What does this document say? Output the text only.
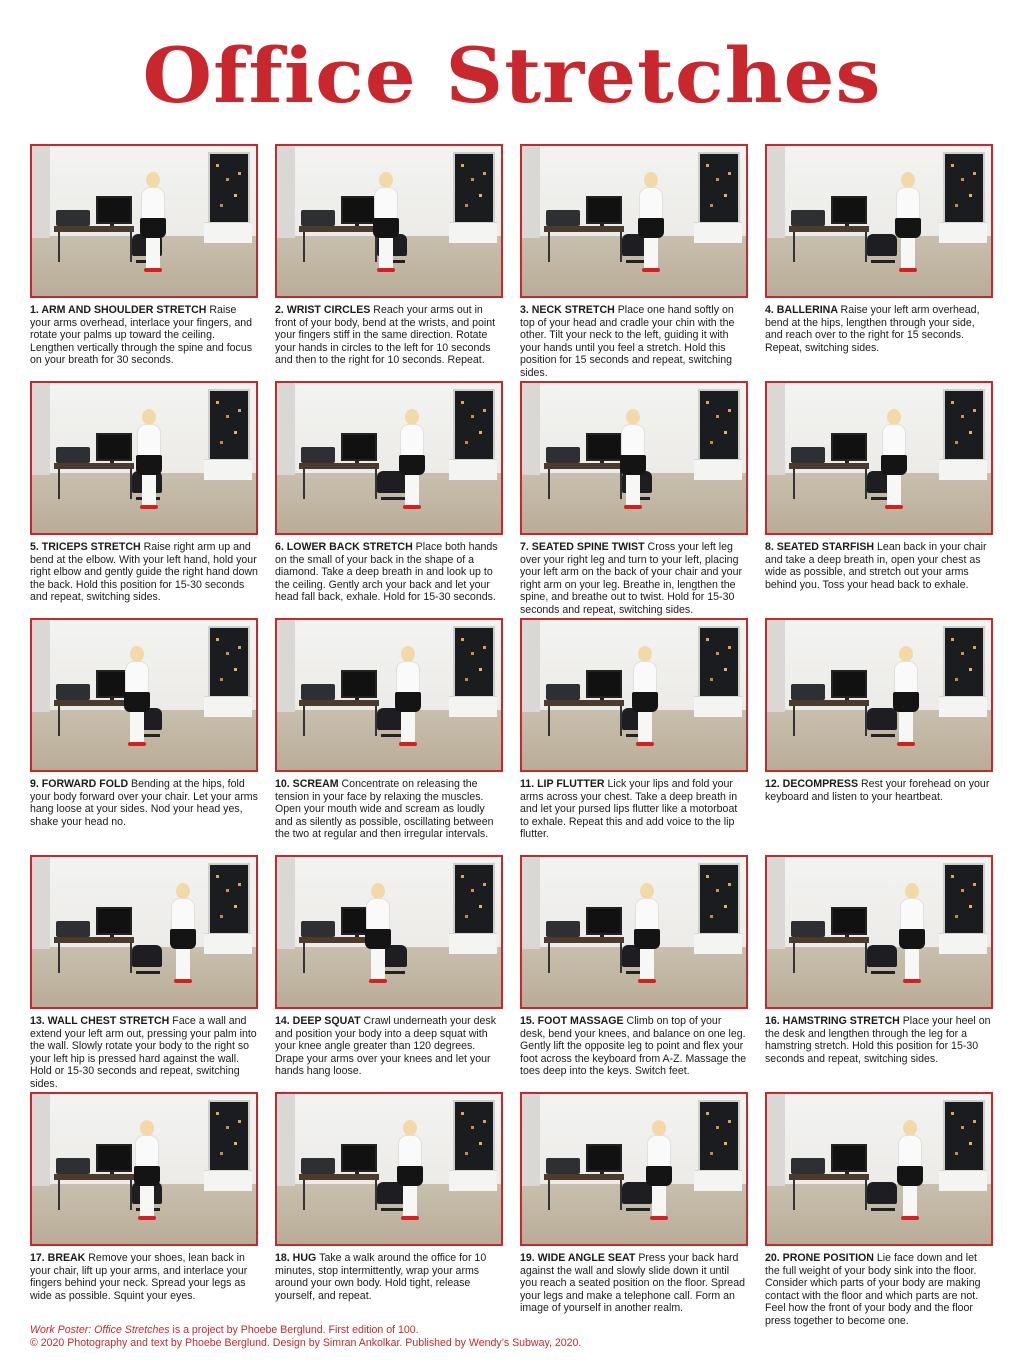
Office Stretches
1. ARM AND SHOULDER STRETCH Raise your arms overhead, interlace your fingers, and rotate your palms up toward the ceiling. Lengthen vertically through the spine and focus on your breath for 30 seconds.
2. WRIST CIRCLES Reach your arms out in front of your body, bend at the wrists, and point your fingers stiff in the same direction. Rotate your hands in circles to the left for 10 seconds and then to the right for 10 seconds. Repeat.
3. NECK STRETCH Place one hand softly on top of your head and cradle your chin with the other. Tilt your neck to the left, guiding it with your hands until you feel a stretch. Hold this position for 15 seconds and repeat, switching sides.
4. BALLERINA Raise your left arm overhead, bend at the hips, lengthen through your side, and reach over to the right for 15 seconds. Repeat, switching sides.
5. TRICEPS STRETCH Raise right arm up and bend at the elbow. With your left hand, hold your right elbow and gently guide the right hand down the back. Hold this position for 15-30 seconds and repeat, switching sides.
6. LOWER BACK STRETCH Place both hands on the small of your back in the shape of a diamond. Take a deep breath in and look up to the ceiling. Gently arch your back and let your head fall back, exhale. Hold for 15-30 seconds.
7. SEATED SPINE TWIST Cross your left leg over your right leg and turn to your left, placing your left arm on the back of your chair and your right arm on your leg. Breathe in, lengthen the spine, and breathe out to twist. Hold for 15-30 seconds and repeat, switching sides.
8. SEATED STARFISH Lean back in your chair and take a deep breath in, open your chest as wide as possible, and stretch out your arms behind you. Toss your head back to exhale.
9. FORWARD FOLD Bending at the hips, fold your body forward over your chair. Let your arms hang loose at your sides. Nod your head yes, shake your head no.
10. SCREAM Concentrate on releasing the tension in your face by relaxing the muscles. Open your mouth wide and scream as loudly and as silently as possible, oscillating between the two at regular and then irregular intervals.
11. LIP FLUTTER Lick your lips and fold your arms across your chest. Take a deep breath in and let your pursed lips flutter like a motorboat to exhale. Repeat this and add voice to the lip flutter.
12. DECOMPRESS Rest your forehead on your keyboard and listen to your heartbeat.
13. WALL CHEST STRETCH Face a wall and extend your left arm out, pressing your palm into the wall. Slowly rotate your body to the right so your left hip is pressed hard against the wall. Hold or 15-30 seconds and repeat, switching sides.
14. DEEP SQUAT Crawl underneath your desk and position your body into a deep squat with your knee angle greater than 120 degrees. Drape your arms over your knees and let your hands hang loose.
15. FOOT MASSAGE Climb on top of your desk, bend your knees, and balance on one leg. Gently lift the opposite leg to point and flex your foot across the keyboard from A-Z. Massage the toes deep into the keys. Switch feet.
16. HAMSTRING STRETCH Place your heel on the desk and lengthen through the leg for a hamstring stretch. Hold this position for 15-30 seconds and repeat, switching sides.
17. BREAK Remove your shoes, lean back in your chair, lift up your arms, and interlace your fingers behind your neck. Spread your legs as wide as possible. Squint your eyes.
18. HUG Take a walk around the office for 10 minutes, stop intermittently, wrap your arms around your own body. Hold tight, release yourself, and repeat.
19. WIDE ANGLE SEAT Press your back hard against the wall and slowly slide down it until you reach a seated position on the floor. Spread your legs and make a telephone call. Form an image of yourself in another realm.
20. PRONE POSITION Lie face down and let the full weight of your body sink into the floor. Consider which parts of your body are making contact with the floor and which parts are not. Feel how the front of your body and the floor press together to become one.
Work Poster: Office Stretches is a project by Phoebe Berglund. First edition of 100.
© 2020 Photography and text by Phoebe Berglund. Design by Simran Ankolkar. Published by Wendy’s Subway, 2020.
